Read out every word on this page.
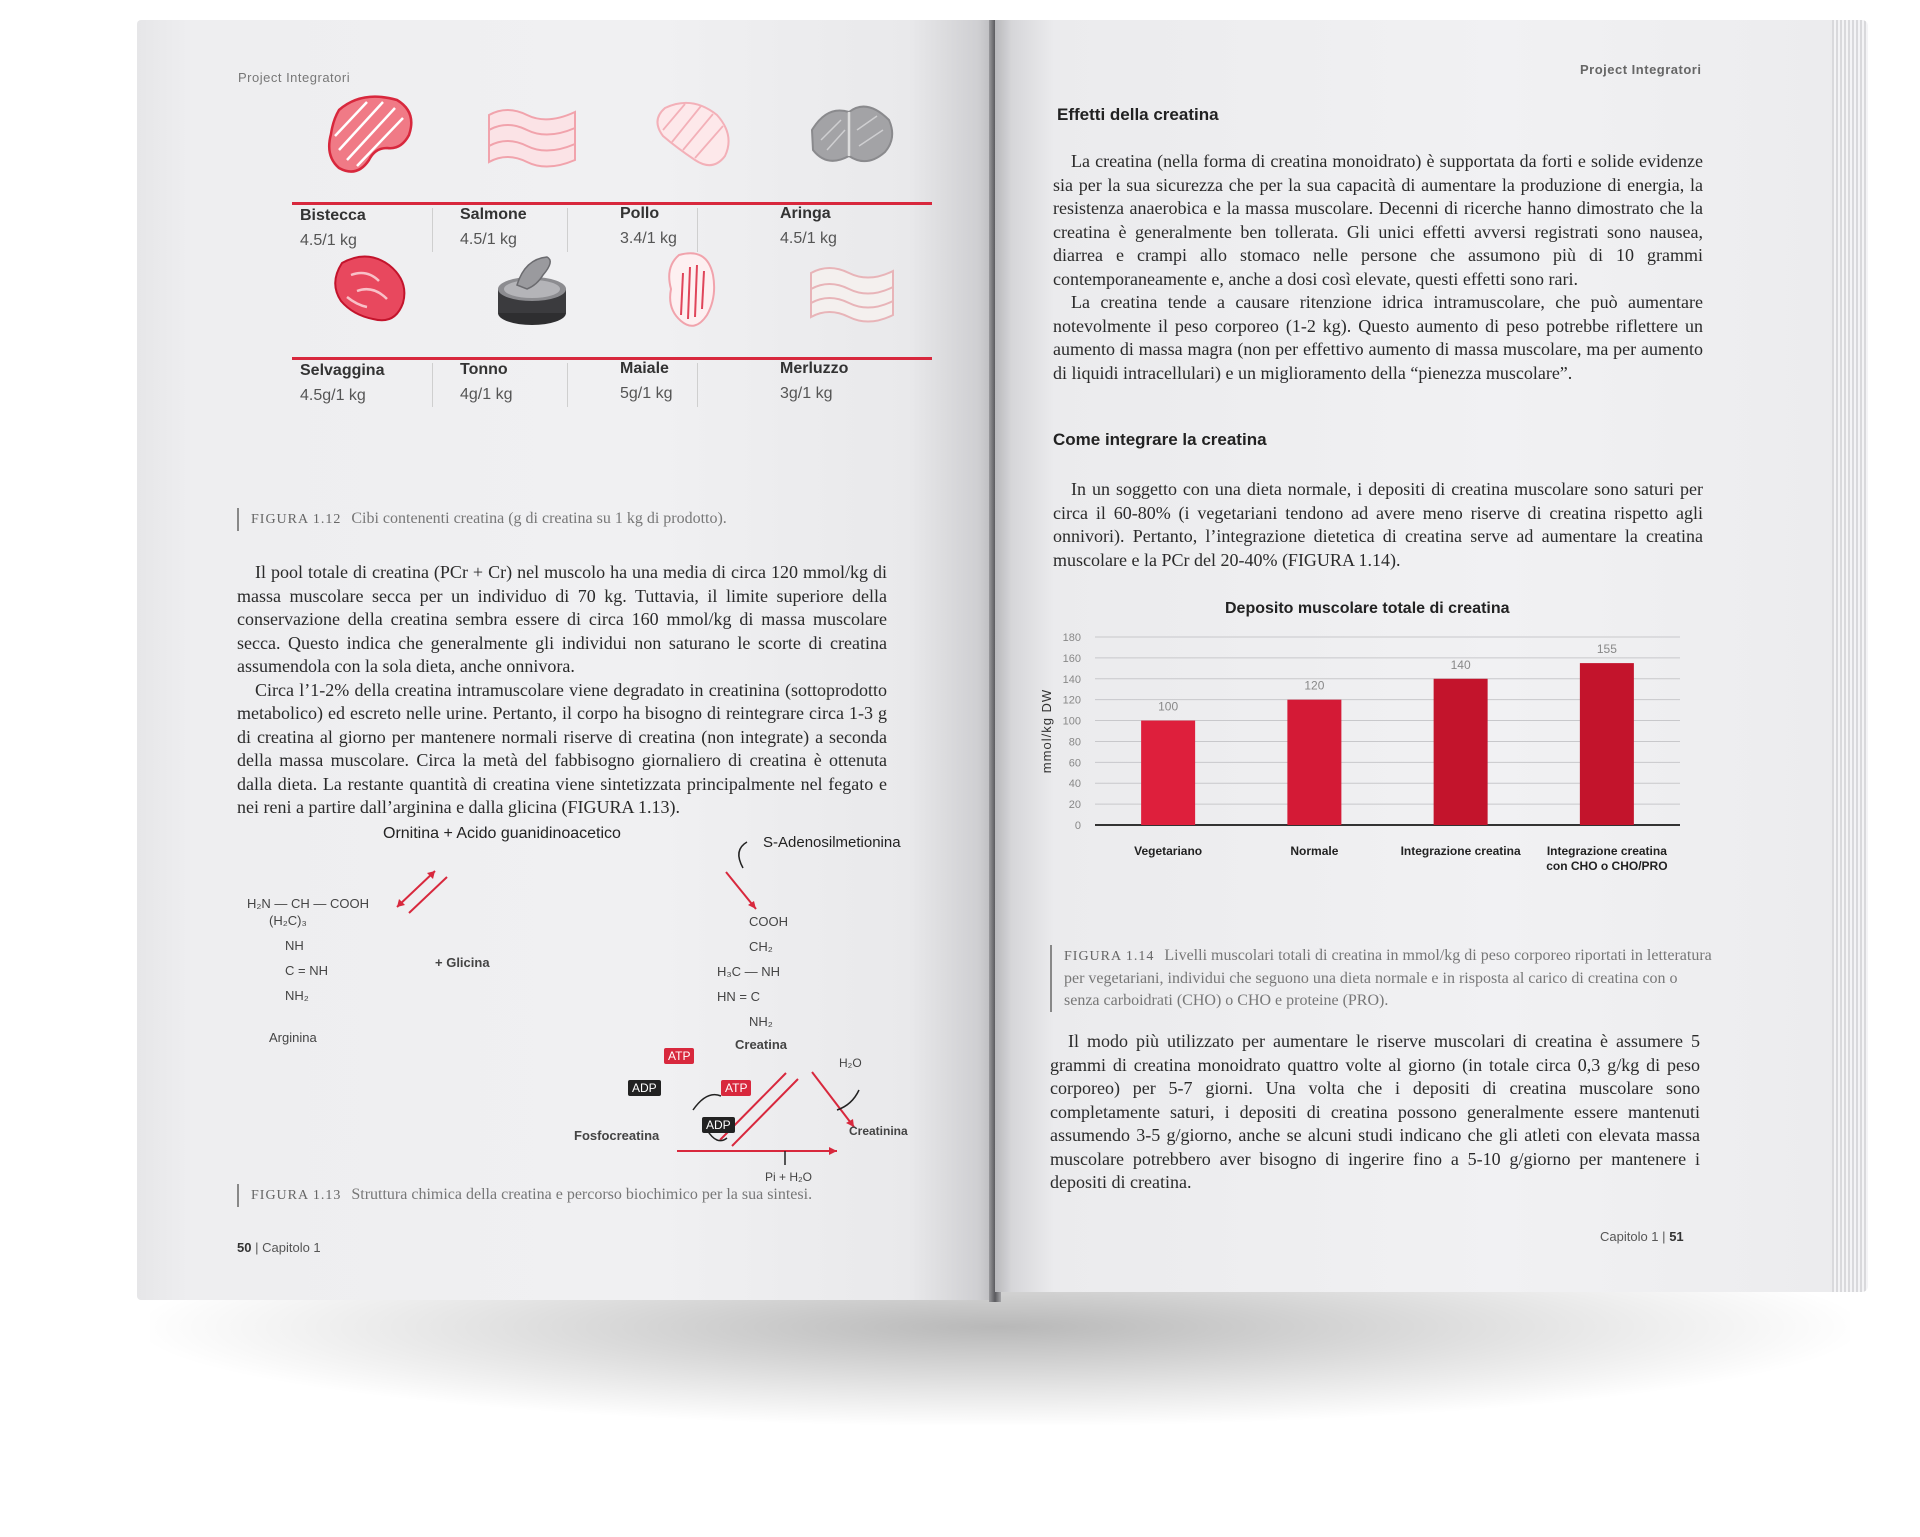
Project Integratori
Bistecca
4.5/1 kg
Salmone
4.5/1 kg
Pollo
3.4/1 kg
Aringa
4.5/1 kg
Selvaggina
4.5g/1 kg
Tonno
4g/1 kg
Maiale
5g/1 kg
Merluzzo
3g/1 kg
FIGURA 1.12 Cibi contenenti creatina (g di creatina su 1 kg di prodotto).

Il pool totale di creatina (PCr + Cr) nel muscolo ha una media di circa 120 mmol/kg di massa muscolare secca per un individuo di 70 kg. Tuttavia, il limite superiore della conservazione della creatina sembra essere di circa 160 mmol/kg di massa muscolare secca. Questo indica che generalmente gli individui non saturano le scorte di creatina assumendola con la sola dieta, anche onnivora.

Circa l’1-2% della creatina intramuscolare viene degradato in creatinina (sottoprodotto metabolico) ed escreto nelle urine. Pertanto, il corpo ha bisogno di reintegrare circa 1-3 g di creatina al giorno per mantenere normali riserve di creatina (non integrate) a seconda della massa muscolare. Circa la metà del fabbisogno giornaliero di creatina è ottenuta dalla dieta. La restante quantità di creatina viene sintetizzata principalmente nel fegato e nei reni a partire dall’arginina e dalla glicina (FIGURA 1.13).

Ornitina + Acido guanidinoacetico
S-Adenosilmetionina
H₂N — CH — COOH
(H₂C)₃
NH
C = NH
NH₂
Arginina
+ Glicina
COOH
CH₂
H₃C — NH
HN = C
NH₂
Creatina
ATP
ADP	ATP
ADP
H₂O
Fosfocreatina	Creatinina
Pi + H₂O
FIGURA 1.13 Struttura chimica della creatina e percorso biochimico per la sua sintesi.
50 | Capitolo 1
Project Integratori
Effetti della creatina

La creatina (nella forma di creatina monoidrato) è supportata da forti e solide evidenze sia per la sua sicurezza che per la sua capacità di aumentare la produzione di energia, la resistenza anaerobica e la massa muscolare. Decenni di ricerche hanno dimostrato che la creatina è generalmente ben tollerata. Gli unici effetti avversi registrati sono nausea, diarrea e crampi allo stomaco nelle persone che assumono più di 10 grammi contemporaneamente e, anche a dosi così elevate, questi effetti sono rari.

La creatina tende a causare ritenzione idrica intramuscolare, che può aumentare notevolmente il peso corporeo (1-2 kg). Questo aumento di peso potrebbe riflettere un aumento di massa magra (non per effettivo aumento di massa muscolare, ma per aumento di liquidi intracellulari) e un miglioramento della “pienezza muscolare”.

Come integrare la creatina

In un soggetto con una dieta normale, i depositi di creatina muscolare sono saturi per circa il 60-80% (i vegetariani tendono ad avere meno riserve di creatina rispetto agli onnivori). Pertanto, l’integrazione dietetica di creatina serve ad aumentare la creatina muscolare e la PCr del 20-40% (FIGURA 1.14).

Deposito muscolare totale di creatina
0
20
40
60
80
100
120
140
160
180
mmol/kg DW	100
Vegetariano
120
Normale
140
Integrazione creatina
155
Integrazione creatina
con CHO o CHO/PRO
FIGURA 1.14 Livelli muscolari totali di creatina in mmol/kg di peso corporeo riportati in letteratura per vegetariani, individui che seguono una dieta normale e in risposta al carico di creatina con o senza carboidrati (CHO) o CHO e proteine (PRO).

Il modo più utilizzato per aumentare le riserve muscolari di creatina è assumere 5 grammi di creatina monoidrato quattro volte al giorno (in totale circa 0,3 g/kg di peso corporeo) per 5-7 giorni. Una volta che i depositi di creatina muscolare sono completamente saturi, i depositi di creatina possono generalmente essere mantenuti assumendo 3-5 g/giorno, anche se alcuni studi indicano che gli atleti con elevata massa muscolare potrebbero aver bisogno di ingerire fino a 5-10 g/giorno per mantenere i depositi di creatina.

Capitolo 1 | 51
